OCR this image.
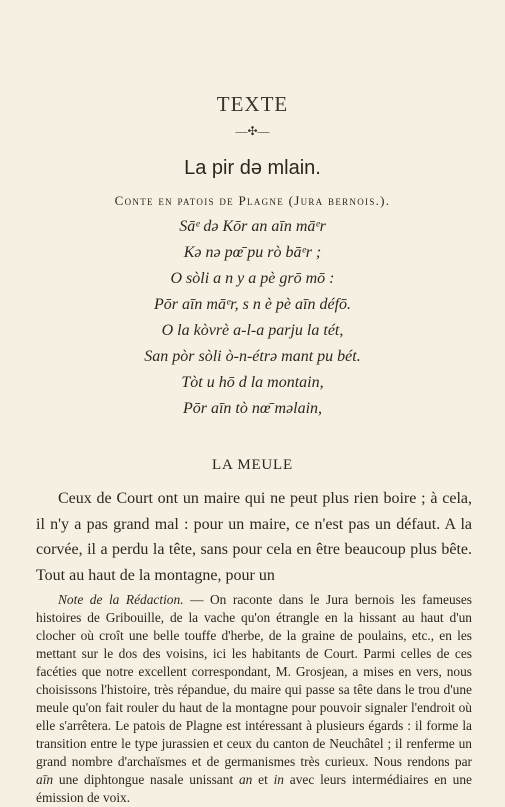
TEXTE
—✣—
La pir də mlain.
Conte en patois de Plagne (Jura bernois.).
Sāᵉ də Kōr an aīn māᵉr
Kə nə pœ̄ pu rò bāᵉr ;
O sòli a n y a pè grō mō :
Pōr aīn māᵉr, s n è pè aīn défō.
O la kòvrè a-l-a parju la tét,
San pòr sòli ò-n-étrə mant pu bét.
Tòt u hō d la montain,
Pōr aīn tò nœ̄ məlain,
LA MEULE

Ceux de Court ont un maire qui ne peut plus rien boire ; à cela, il n'y a pas grand mal : pour un maire, ce n'est pas un défaut. A la corvée, il a perdu la tête, sans pour cela en être beaucoup plus bête. Tout au haut de la montagne, pour un

Note de la Rédaction. — On raconte dans le Jura bernois les fameuses histoires de Gribouille, de la vache qu'on étrangle en la hissant au haut d'un clocher où croît une belle touffe d'herbe, de la graine de poulains, etc., en les mettant sur le dos des voisins, ici les habitants de Court. Parmi celles de ces facéties que notre excellent correspondant, M. Grosjean, a mises en vers, nous choisissons l'histoire, très répandue, du maire qui passe sa tête dans le trou d'une meule qu'on fait rouler du haut de la montagne pour pouvoir signaler l'endroit où elle s'arrêtera. Le patois de Plagne est intéressant à plusieurs égards : il forme la transition entre le type jurassien et ceux du canton de Neuchâtel ; il renferme un grand nombre d'archaïsmes et de germanismes très curieux. Nous rendons par aīn une diphtongue nasale unissant an et in avec leurs intermédiaires en une émission de voix.
